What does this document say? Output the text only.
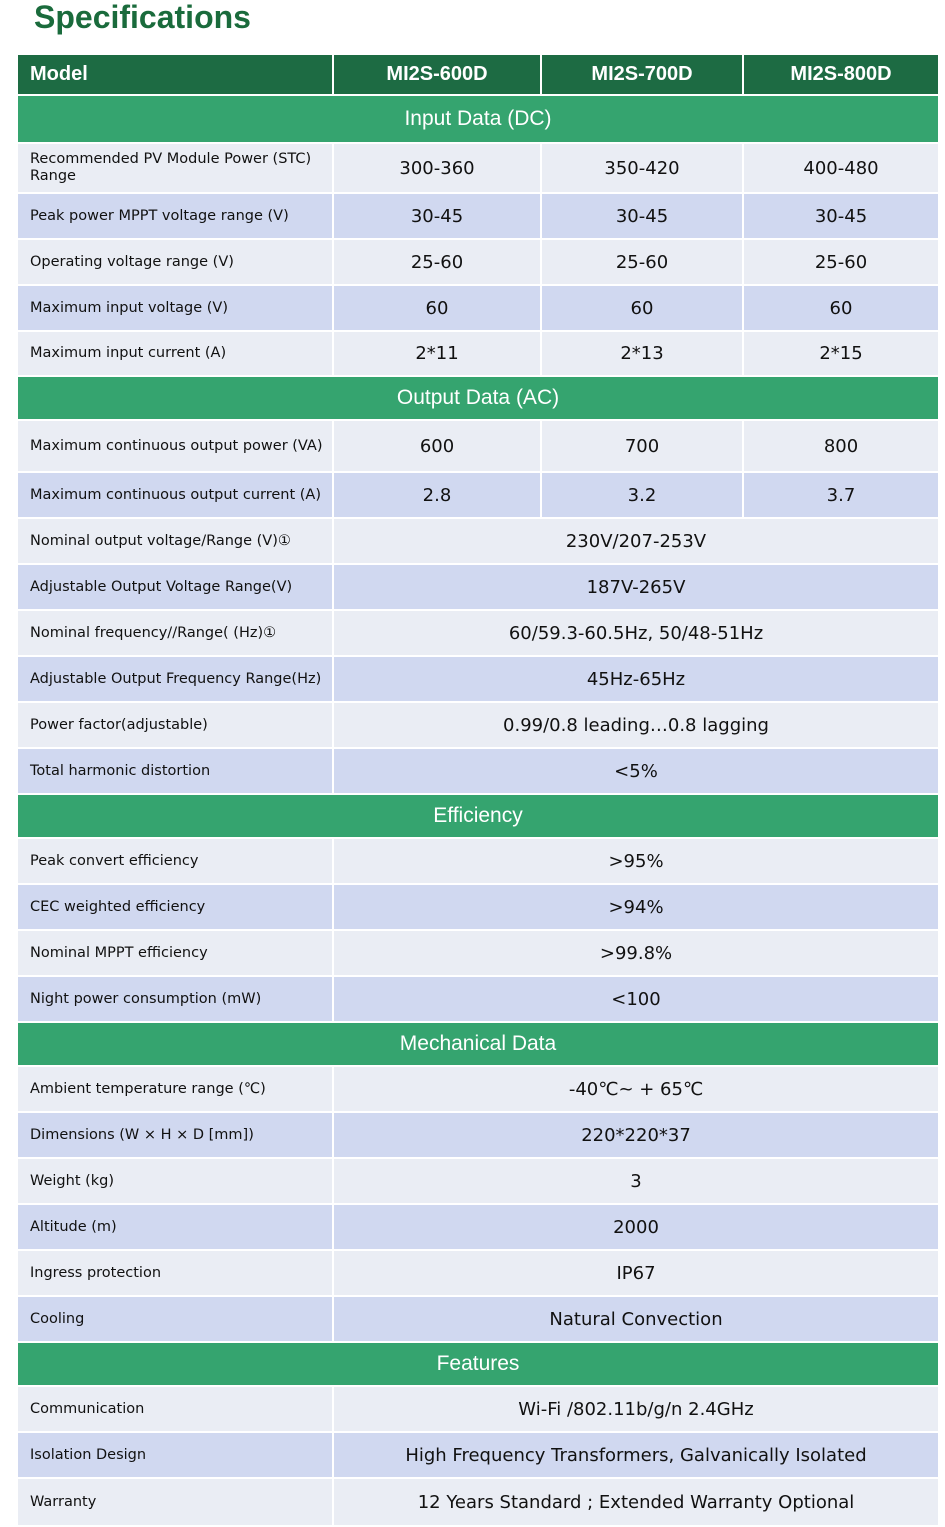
Specifications
Model	MI2S-600D	MI2S-700D	MI2S-800D
Input Data (DC)			
Recommended PV Module Power (STC) Range	300-360	350-420	400-480
Peak power MPPT voltage range (V)	30-45	30-45	30-45
Operating voltage range (V)	25-60	25-60	25-60
Maximum input voltage (V)	60	60	60
Maximum input current (A)	2*11	2*13	2*15
Output Data (AC)			
Maximum continuous output power (VA)	600	700	800
Maximum continuous output current (A)	2.8	3.2	3.7
Nominal output voltage/Range (V)①	230V/207-253V		
Adjustable Output Voltage Range(V)	187V-265V		
Nominal frequency//Range( (Hz)①	60/59.3-60.5Hz, 50/48-51Hz		
Adjustable Output Frequency Range(Hz)	45Hz-65Hz		
Power factor(adjustable)	0.99/0.8 leading…0.8 lagging		
Total harmonic distortion	<5%		
Efficiency			
Peak convert efficiency	>95%		
CEC weighted efficiency	>94%		
Nominal MPPT efficiency	>99.8%		
Night power consumption (mW)	<100		
Mechanical Data			
Ambient temperature range (℃)	-40℃~ + 65℃		
Dimensions (W × H × D [mm])	220*220*37		
Weight (kg)	3		
Altitude (m)	2000		
Ingress protection	IP67		
Cooling	Natural Convection		
Features			
Communication	Wi-Fi /802.11b/g/n 2.4GHz		
Isolation Design	High Frequency Transformers, Galvanically Isolated		
Warranty	12 Years Standard ; Extended Warranty Optional		
